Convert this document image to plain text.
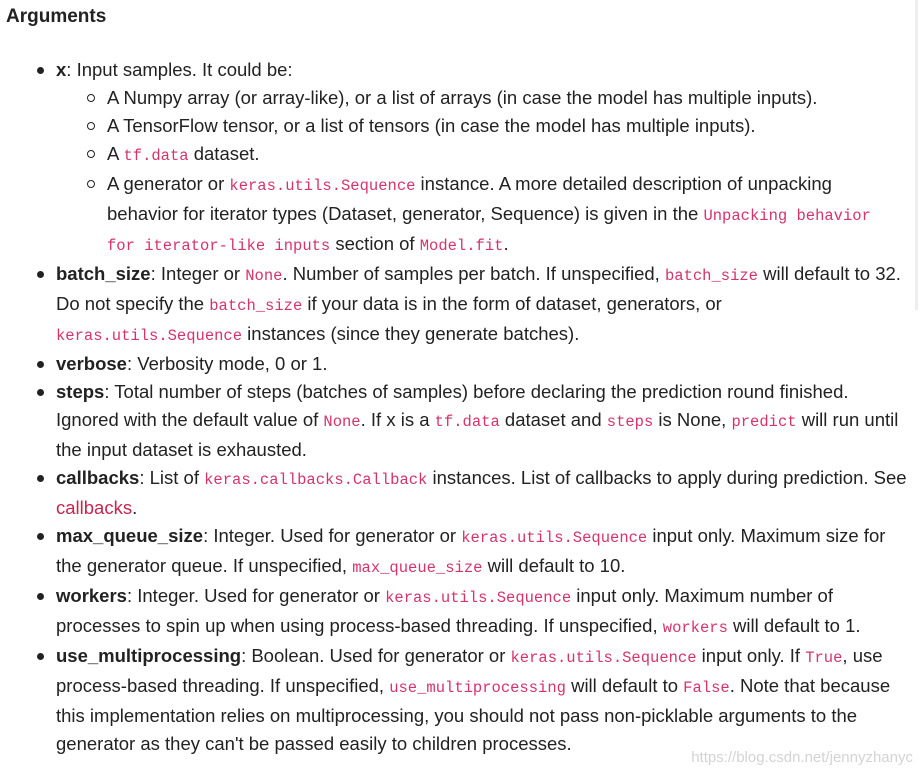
Arguments
x: Input samples. It could be:
A Numpy array (or array-like), or a list of arrays (in case the model has multiple inputs).
A TensorFlow tensor, or a list of tensors (in case the model has multiple inputs).
A tf.data dataset.
A generator or keras.utils.Sequence instance. A more detailed description of unpacking behavior for iterator types (Dataset, generator, Sequence) is given in the Unpacking behavior for iterator-like inputs section of Model.fit.
batch_size: Integer or None. Number of samples per batch. If unspecified, batch_size will default to 32. Do not specify the batch_size if your data is in the form of dataset, generators, or keras.utils.Sequence instances (since they generate batches).
verbose: Verbosity mode, 0 or 1.
steps: Total number of steps (batches of samples) before declaring the prediction round finished. Ignored with the default value of None. If x is a tf.data dataset and steps is None, predict will run until the input dataset is exhausted.
callbacks: List of keras.callbacks.Callback instances. List of callbacks to apply during prediction. See callbacks.
max_queue_size: Integer. Used for generator or keras.utils.Sequence input only. Maximum size for the generator queue. If unspecified, max_queue_size will default to 10.
workers: Integer. Used for generator or keras.utils.Sequence input only. Maximum number of processes to spin up when using process-based threading. If unspecified, workers will default to 1.
use_multiprocessing: Boolean. Used for generator or keras.utils.Sequence input only. If True, use process-based threading. If unspecified, use_multiprocessing will default to False. Note that because this implementation relies on multiprocessing, you should not pass non-picklable arguments to the generator as they can't be passed easily to children processes.
https://blog.csdn.net/jennyzhanyc
